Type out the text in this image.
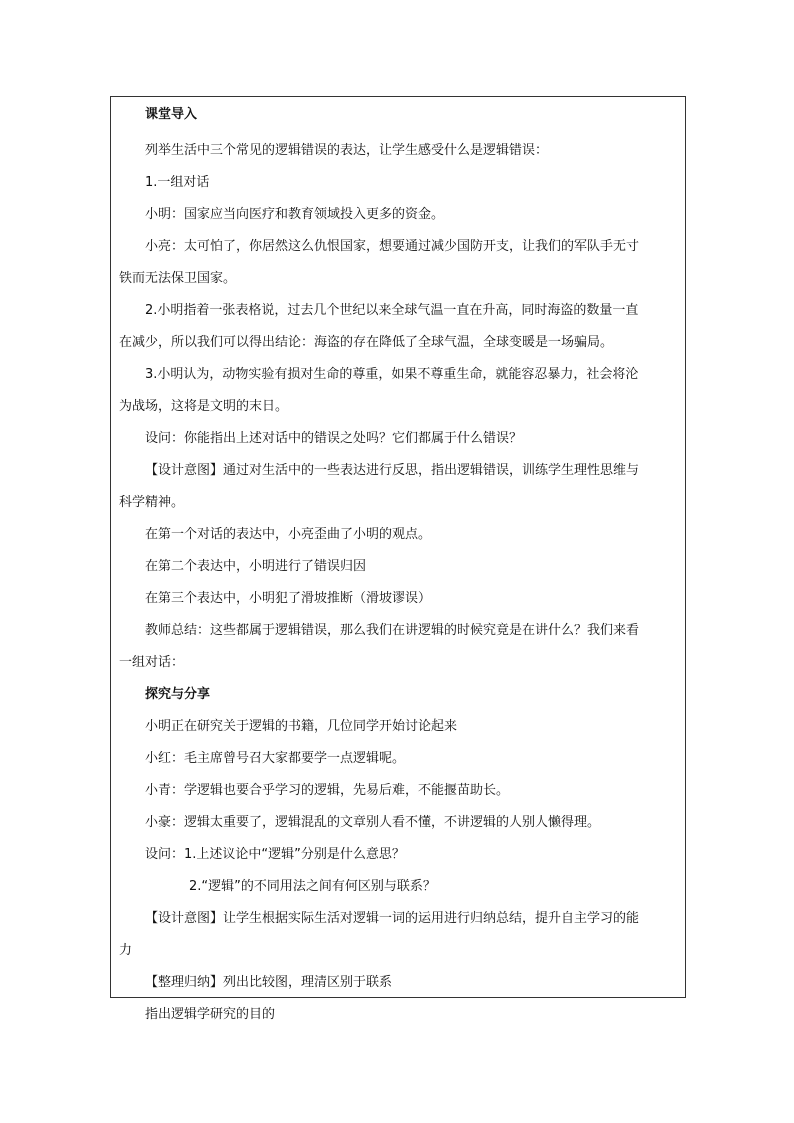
课堂导入
列举生活中三个常见的逻辑错误的表达，让学生感受什么是逻辑错误：
1.一组对话
小明：国家应当向医疗和教育领域投入更多的资金。
小亮：太可怕了，你居然这么仇恨国家，想要通过减少国防开支，让我们的军队手无寸
铁而无法保卫国家。
2.小明指着一张表格说，过去几个世纪以来全球气温一直在升高，同时海盗的数量一直
在减少，所以我们可以得出结论：海盗的存在降低了全球气温，全球变暖是一场骗局。
3.小明认为，动物实验有损对生命的尊重，如果不尊重生命，就能容忍暴力，社会将沦
为战场，这将是文明的末日。
设问：你能指出上述对话中的错误之处吗？它们都属于什么错误？
【设计意图】通过对生活中的一些表达进行反思，指出逻辑错误，训练学生理性思维与
科学精神。
在第一个对话的表达中，小亮歪曲了小明的观点。
在第二个表达中，小明进行了错误归因
在第三个表达中，小明犯了滑坡推断（滑坡谬误）
教师总结：这些都属于逻辑错误，那么我们在讲逻辑的时候究竟是在讲什么？我们来看
一组对话：
探究与分享
小明正在研究关于逻辑的书籍，几位同学开始讨论起来
小红：毛主席曾号召大家都要学一点逻辑呢。
小青：学逻辑也要合乎学习的逻辑，先易后难，不能揠苗助长。
小豪：逻辑太重要了，逻辑混乱的文章别人看不懂，不讲逻辑的人别人懒得理。
设问：1.上述议论中“逻辑”分别是什么意思？
2.“逻辑”的不同用法之间有何区别与联系？
【设计意图】让学生根据实际生活对逻辑一词的运用进行归纳总结，提升自主学习的能
力
【整理归纳】列出比较图，理清区别于联系
指出逻辑学研究的目的
